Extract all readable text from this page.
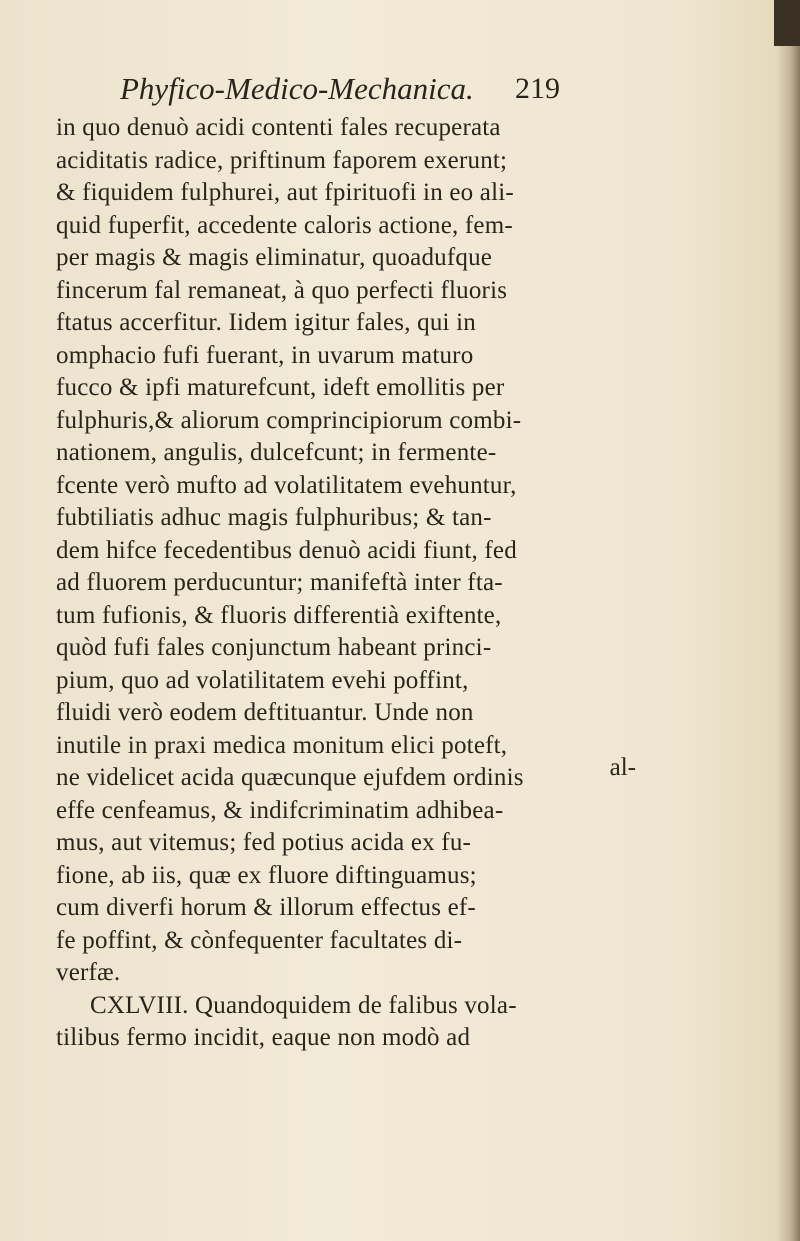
Phyfico-Medico-Mechanica.	219
in quo denuò acidi contenti fales recuperata
aciditatis radice, priftinum faporem exerunt;
& fiquidem fulphurei, aut fpirituofi in eo ali-
quid fuperfit, accedente caloris actione, fem-
per magis & magis eliminatur, quoadufque
fincerum fal remaneat, à quo perfecti fluoris
ftatus accerfitur. Iidem igitur fales, qui in
omphacio fufi fuerant, in uvarum maturo
fucco & ipfi maturefcunt, ideft emollitis per
fulphuris,& aliorum comprincipiorum combi-
nationem, angulis, dulcefcunt; in fermente-
fcente verò mufto ad volatilitatem evehuntur,
fubtiliatis adhuc magis fulphuribus; & tan-
dem hifce fecedentibus denuò acidi fiunt, fed
ad fluorem perducuntur; manifeftà inter fta-
tum fufionis, & fluoris differentià exiftente,
quòd fufi fales conjunctum habeant princi-
pium, quo ad volatilitatem evehi poffint,
fluidi verò eodem deftituantur. Unde non
inutile in praxi medica monitum elici poteft,
ne videlicet acida quæcunque ejufdem ordinis
effe cenfeamus, & indifcriminatim adhibea-
mus, aut vitemus; fed potius acida ex fu-
fione, ab iis, quæ ex fluore diftinguamus;
cum diverfi horum & illorum effectus ef-
fe poffint, & cònfequenter facultates di-
verfæ.
CXLVIII. Quandoquidem de falibus vola-
tilibus fermo incidit, eaque non modò ad
al-
